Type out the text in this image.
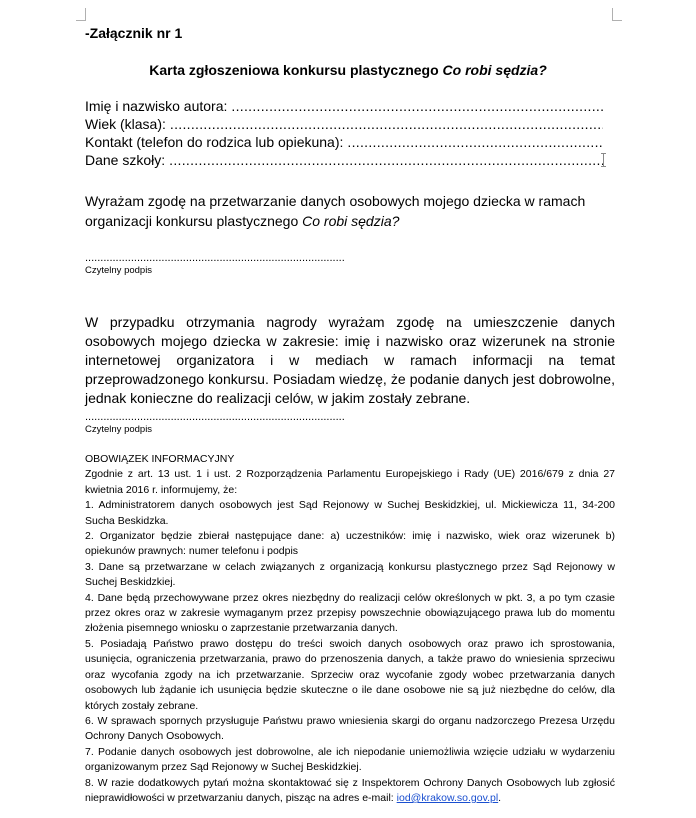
-Załącznik nr 1
Karta zgłoszeniowa konkursu plastycznego Co robi sędzia?
Imię i nazwisko autora:
.....
Wiek (klasa):
.....
Kontakt (telefon do rodzica lub opiekuna):
.....
Dane szkoły:
.....
Wyrażam zgodę na przetwarzanie danych osobowych mojego dziecka w ramach organizacji konkursu plastycznego Co robi sędzia?
.....
Czytelny podpis
W przypadku otrzymania nagrody wyrażam zgodę na umieszczenie danych osobowych mojego dziecka w zakresie: imię i nazwisko oraz wizerunek na stronie internetowej organizatora i w mediach w ramach informacji na temat przeprowadzonego konkursu. Posiadam wiedzę, że podanie danych jest dobrowolne, jednak konieczne do realizacji celów, w jakim zostały zebrane.
.....
Czytelny podpis

OBOWIĄZEK INFORMACYJNY

Zgodnie z art. 13 ust. 1 i ust. 2 Rozporządzenia Parlamentu Europejskiego i Rady (UE) 2016/679 z dnia 27 kwietnia 2016 r. informujemy, że:

1. Administratorem danych osobowych jest Sąd Rejonowy w Suchej Beskidzkiej, ul. Mickiewicza 11, 34-200 Sucha Beskidzka.

2. Organizator będzie zbierał następujące dane: a) uczestników: imię i nazwisko, wiek oraz wizerunek b) opiekunów prawnych: numer telefonu i podpis

3. Dane są przetwarzane w celach związanych z organizacją konkursu plastycznego przez Sąd Rejonowy w Suchej Beskidzkiej.

4. Dane będą przechowywane przez okres niezbędny do realizacji celów określonych w pkt. 3, a po tym czasie przez okres oraz w zakresie wymaganym przez przepisy powszechnie obowiązującego prawa lub do momentu złożenia pisemnego wniosku o zaprzestanie przetwarzania danych.

5. Posiadają Państwo prawo dostępu do treści swoich danych osobowych oraz prawo ich sprostowania, usunięcia, ograniczenia przetwarzania, prawo do przenoszenia danych, a także prawo do wniesienia sprzeciwu oraz wycofania zgody na ich przetwarzanie. Sprzeciw oraz wycofanie zgody wobec przetwarzania danych osobowych lub żądanie ich usunięcia będzie skuteczne o ile dane osobowe nie są już niezbędne do celów, dla których zostały zebrane.

6. W sprawach spornych przysługuje Państwu prawo wniesienia skargi do organu nadzorczego Prezesa Urzędu Ochrony Danych Osobowych.

7. Podanie danych osobowych jest dobrowolne, ale ich niepodanie uniemożliwia wzięcie udziału w wydarzeniu organizowanym przez Sąd Rejonowy w Suchej Beskidzkiej.

8. W razie dodatkowych pytań można skontaktować się z Inspektorem Ochrony Danych Osobowych lub zgłosić nieprawidłowości w przetwarzaniu danych, pisząc na adres e-mail: iod@krakow.so.gov.pl.
